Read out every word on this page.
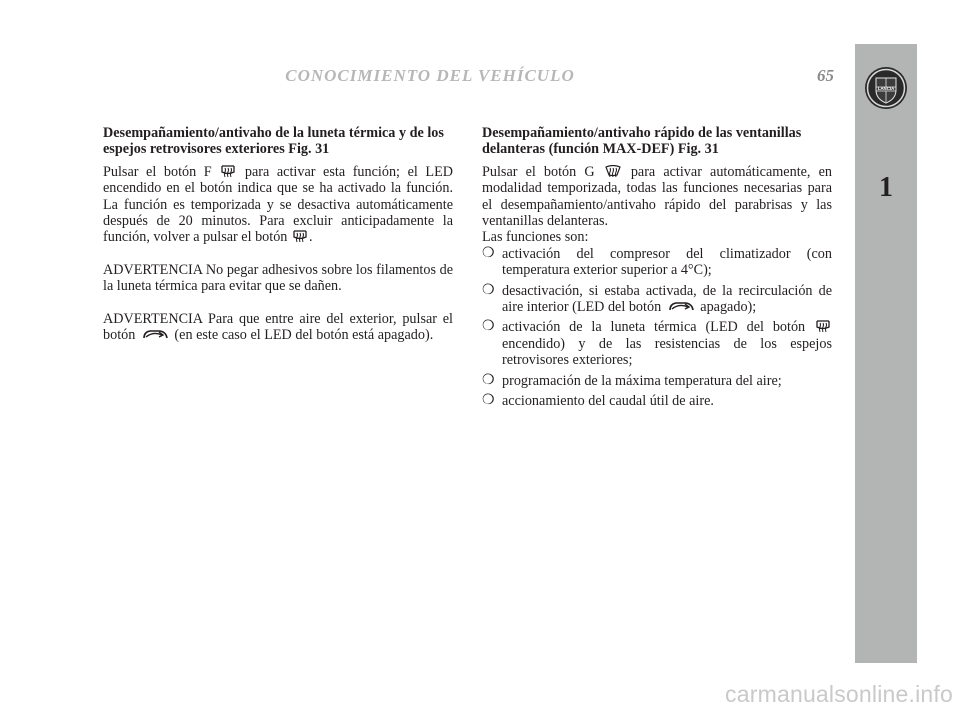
CONOCIMIENTO DEL VEHÍCULO	65
LANCIA
1
Desempañamiento/antivaho de la luneta térmica y de los espejos retrovisores exteriores Fig. 31

Pulsar el botón F para activar esta función; el LED encendido en el botón indica que se ha activado la función. La función es temporizada y se desactiva automáticamente después de 20 minutos. Para excluir anticipadamente la función, volver a pulsar el botón .

ADVERTENCIA No pegar adhesivos sobre los filamentos de la luneta térmica para evitar que se dañen.

ADVERTENCIA Para que entre aire del exterior, pulsar el botón	(en este caso el LED del botón está apagado).

Desempañamiento/antivaho rápido de las ventanillas delanteras (función MAX-DEF) Fig. 31

Pulsar el botón G	para activar automáticamente, en modalidad temporizada, todas las funciones necesarias para el desempañamiento/antivaho rápido del parabrisas y las ventanillas delanteras.

Las funciones son:

❍ activación del compresor del climatizador (con temperatura exterior superior a 4°C);
❍ desactivación, si estaba activada, de la recirculación de aire interior (LED del botón	apagado);
❍ activación de la luneta térmica (LED del botón  encendido) y de las resistencias de los espejos retrovisores exteriores;
❍ programación de la máxima temperatura del aire;
❍ accionamiento del caudal útil de aire.
carmanualsonline.info
